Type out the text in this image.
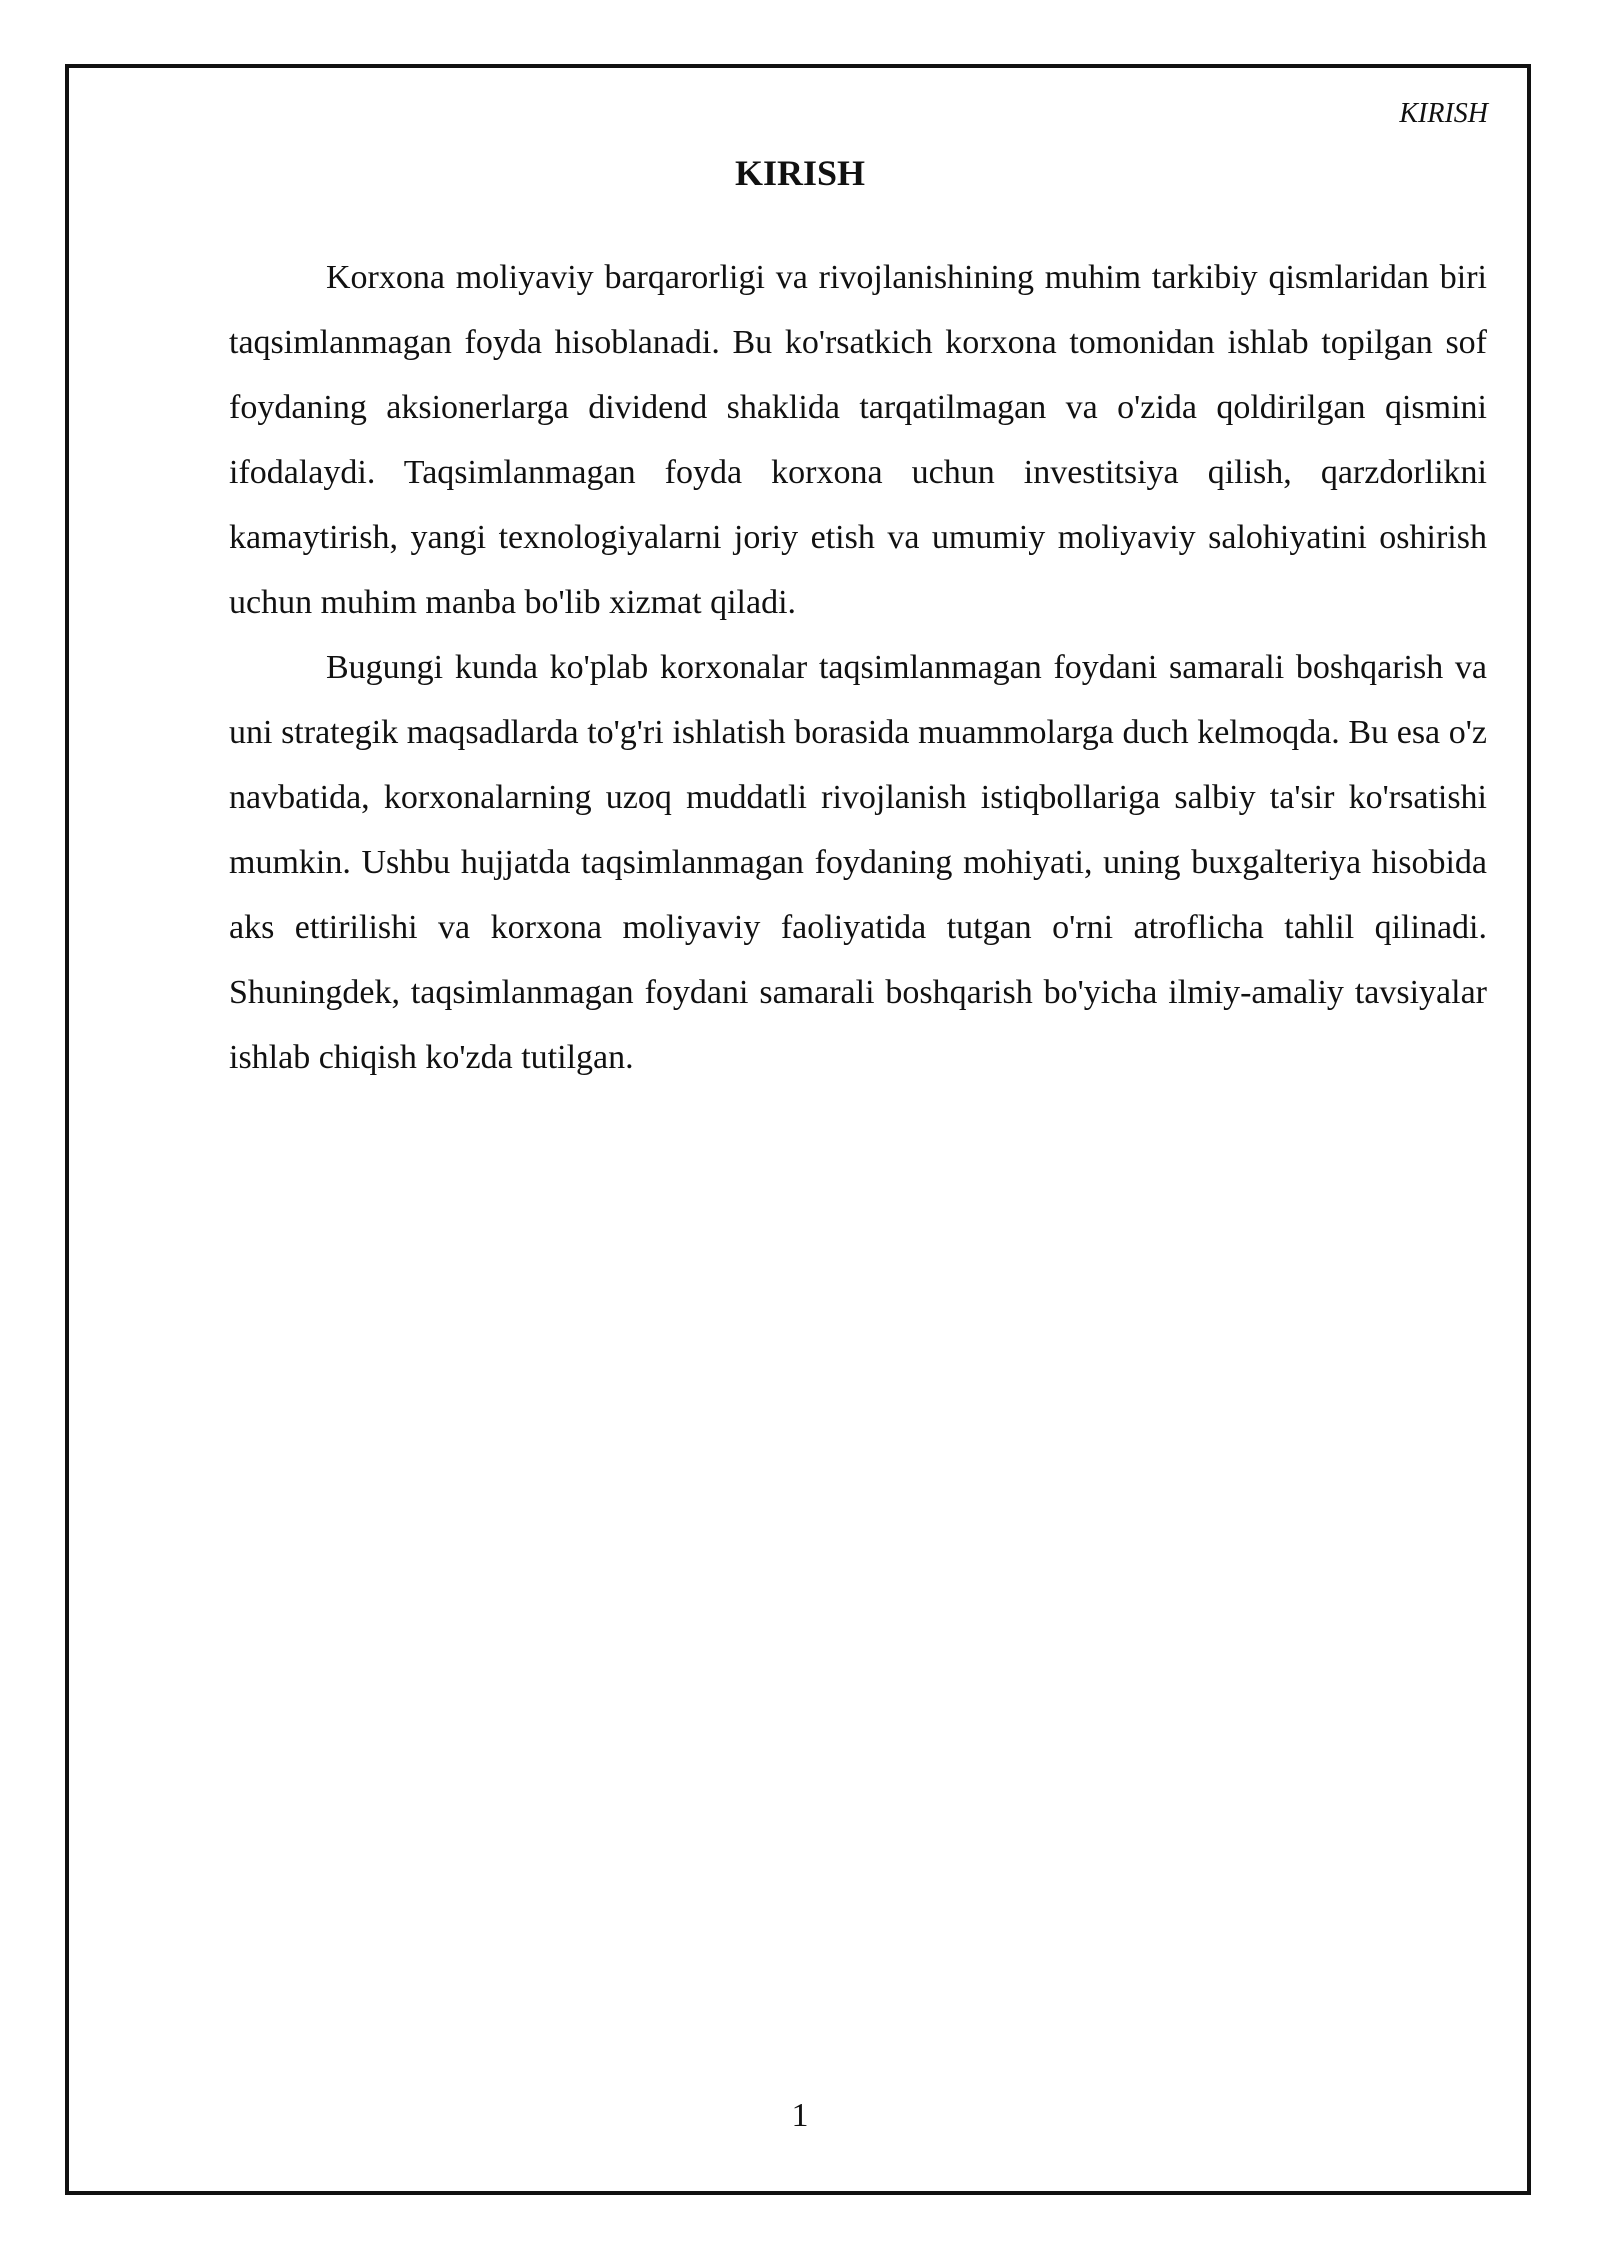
KIRISH
KIRISH

Korxona moliyaviy barqarorligi va rivojlanishining muhim tarkibiy qismlaridan biri taqsimlanmagan foyda hisoblanadi. Bu ko'rsatkich korxona tomonidan ishlab topilgan sof foydaning aksionerlarga dividend shaklida tarqatilmagan va o'zida qoldirilgan qismini ifodalaydi. Taqsimlanmagan foyda korxona uchun investitsiya qilish, qarzdorlikni kamaytirish, yangi texnologiyalarni joriy etish va umumiy moliyaviy salohiyatini oshirish uchun muhim manba bo'lib xizmat qiladi.

Bugungi kunda ko'plab korxonalar taqsimlanmagan foydani samarali boshqarish va uni strategik maqsadlarda to'g'ri ishlatish borasida muammolarga duch kelmoqda. Bu esa o'z navbatida, korxonalarning uzoq muddatli rivojlanish istiqbollariga salbiy ta'sir ko'rsatishi mumkin. Ushbu hujjatda taqsimlanmagan foydaning mohiyati, uning buxgalteriya hisobida aks ettirilishi va korxona moliyaviy faoliyatida tutgan o'rni atroflicha tahlil qilinadi. Shuningdek, taqsimlanmagan foydani samarali boshqarish bo'yicha ilmiy-amaliy tavsiyalar ishlab chiqish ko'zda tutilgan.

1
